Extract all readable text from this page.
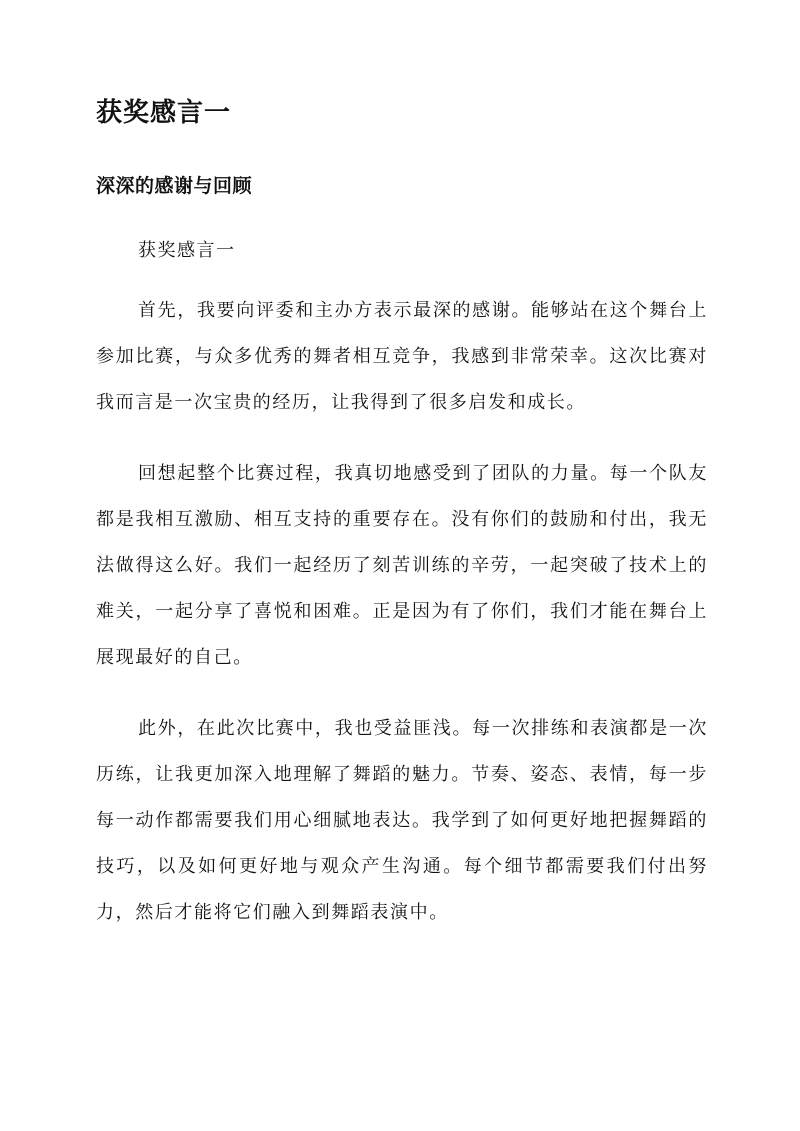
获奖感言一
深深的感谢与回顾

获奖感言一

首先，我要向评委和主办方表示最深的感谢。能够站在这个舞台上参加比赛，与众多优秀的舞者相互竞争，我感到非常荣幸。这次比赛对我而言是一次宝贵的经历，让我得到了很多启发和成长。

回想起整个比赛过程，我真切地感受到了团队的力量。每一个队友都是我相互激励、相互支持的重要存在。没有你们的鼓励和付出，我无法做得这么好。我们一起经历了刻苦训练的辛劳，一起突破了技术上的难关，一起分享了喜悦和困难。正是因为有了你们，我们才能在舞台上展现最好的自己。

此外，在此次比赛中，我也受益匪浅。每一次排练和表演都是一次历练，让我更加深入地理解了舞蹈的魅力。节奏、姿态、表情，每一步每一动作都需要我们用心细腻地表达。我学到了如何更好地把握舞蹈的技巧，以及如何更好地与观众产生沟通。每个细节都需要我们付出努力，然后才能将它们融入到舞蹈表演中。
